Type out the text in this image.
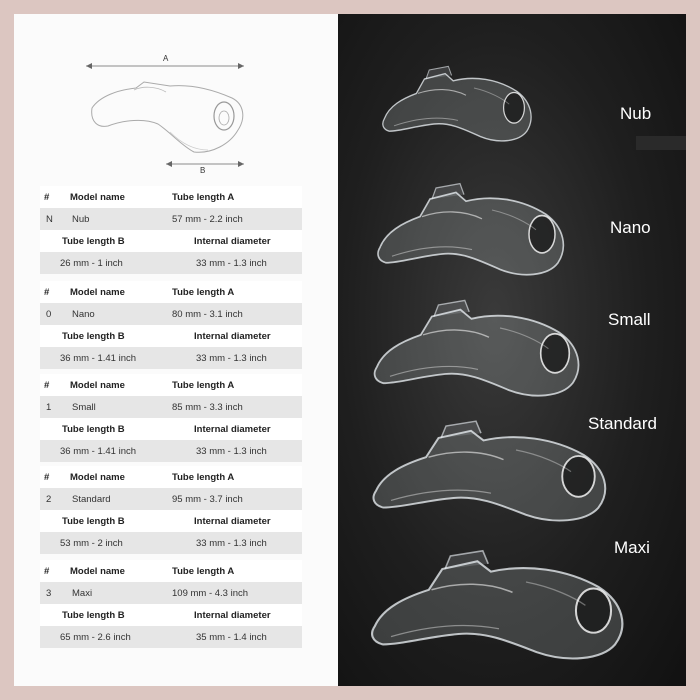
A
B
# Model name	Tube length A
N Nub	57 mm - 2.2 inch
Tube length B	Internal diameter
26 mm - 1 inch	33 mm - 1.3 inch
# Model name	Tube length A
0 Nano	80 mm - 3.1 inch
Tube length B	Internal diameter
36 mm - 1.41 inch	33 mm - 1.3 inch
# Model name	Tube length A
1 Small	85 mm - 3.3 inch
Tube length B	Internal diameter
36 mm - 1.41 inch	33 mm - 1.3 inch
# Model name	Tube length A
2 Standard	95 mm - 3.7 inch
Tube length B	Internal diameter
53 mm - 2 inch	33 mm - 1.3 inch
# Model name	Tube length A
3 Maxi	109 mm - 4.3 inch
Tube length B	Internal diameter
65 mm - 2.6 inch	35 mm - 1.4 inch
Nub
Nano
Small
Standard
Maxi
